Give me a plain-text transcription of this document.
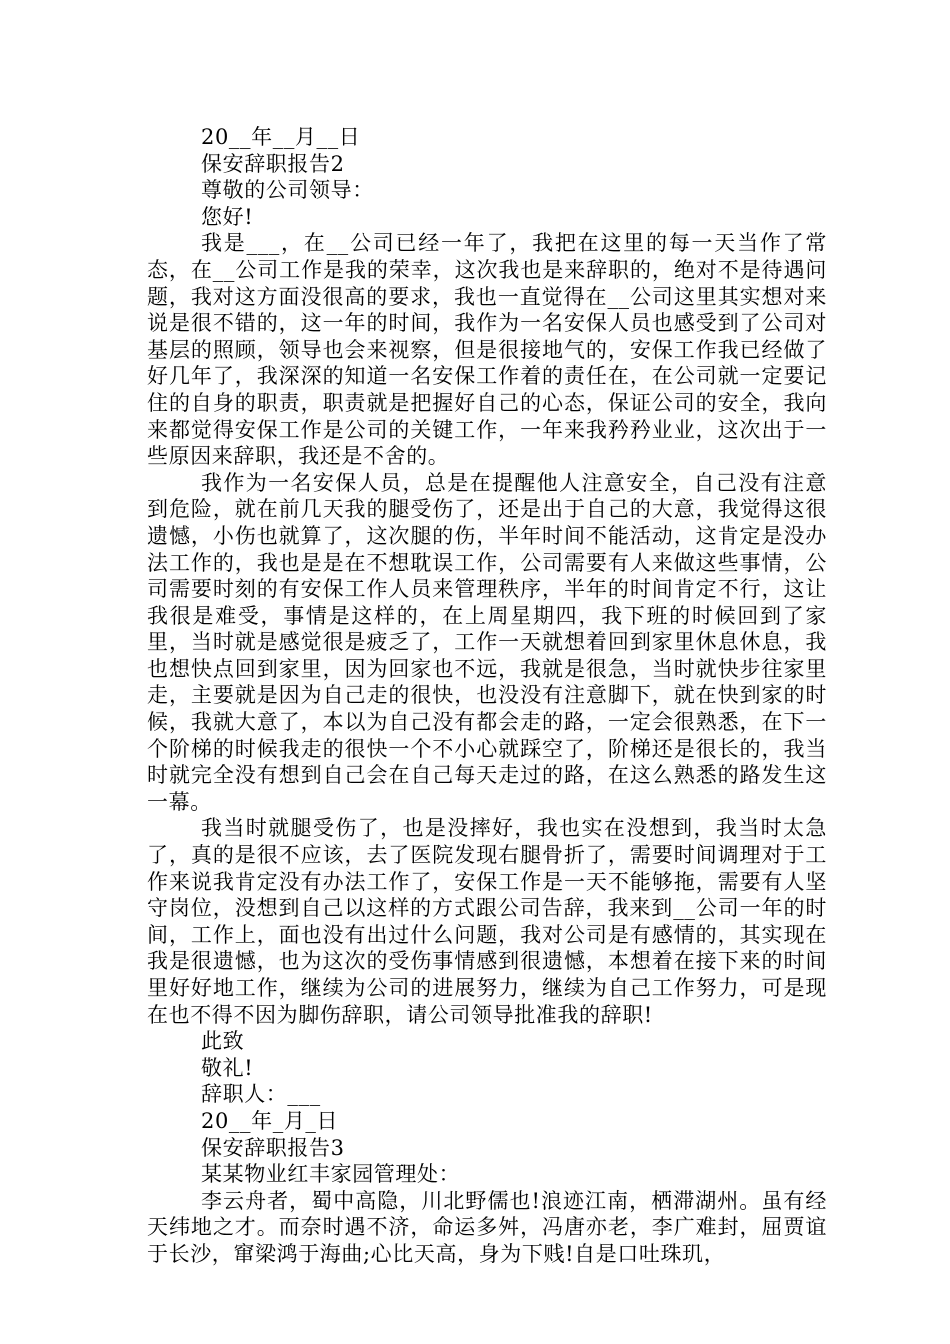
20__年__月__日
保安辞职报告2
尊敬的公司领导：
您好!

我是___，在__公司已经一年了，我把在这里的每一天当作了常态，在__公司工作是我的荣幸，这次我也是来辞职的，绝对不是待遇问题，我对这方面没很高的要求，我也一直觉得在__公司这里其实想对来说是很不错的，这一年的时间，我作为一名安保人员也感受到了公司对基层的照顾，领导也会来视察，但是很接地气的，安保工作我已经做了好几年了，我深深的知道一名安保工作着的责任在，在公司就一定要记住的自身的职责，职责就是把握好自己的心态，保证公司的安全，我向来都觉得安保工作是公司的关键工作，一年来我矜矜业业，这次出于一些原因来辞职，我还是不舍的。

我作为一名安保人员，总是在提醒他人注意安全，自己没有注意到危险，就在前几天我的腿受伤了，还是出于自己的大意，我觉得这很遗憾，小伤也就算了，这次腿的伤，半年时间不能活动，这肯定是没办法工作的，我也是是在不想耽误工作，公司需要有人来做这些事情，公司需要时刻的有安保工作人员来管理秩序，半年的时间肯定不行，这让我很是难受，事情是这样的，在上周星期四，我下班的时候回到了家里，当时就是感觉很是疲乏了，工作一天就想着回到家里休息休息，我也想快点回到家里，因为回家也不远，我就是很急，当时就快步往家里走，主要就是因为自己走的很快，也没没有注意脚下，就在快到家的时候，我就大意了，本以为自己没有都会走的路，一定会很熟悉，在下一个阶梯的时候我走的很快一个不小心就踩空了，阶梯还是很长的，我当时就完全没有想到自己会在自己每天走过的路，在这么熟悉的路发生这一幕。

我当时就腿受伤了，也是没摔好，我也实在没想到，我当时太急了，真的是很不应该，去了医院发现右腿骨折了，需要时间调理对于工作来说我肯定没有办法工作了，安保工作是一天不能够拖，需要有人坚守岗位，没想到自己以这样的方式跟公司告辞，我来到__公司一年的时间，工作上，面也没有出过什么问题，我对公司是有感情的，其实现在我是很遗憾，也为这次的受伤事情感到很遗憾，本想着在接下来的时间里好好地工作，继续为公司的进展努力，继续为自己工作努力，可是现在也不得不因为脚伤辞职，请公司领导批准我的辞职!

此致
敬礼!
辞职人：___
20__年_月_日
保安辞职报告3
某某物业红丰家园管理处：

李云舟者，蜀中高隐，川北野儒也!浪迹江南，栖滞湖州。虽有经天纬地之才。而奈时遇不济，命运多舛，冯唐亦老，李广难封，屈贾谊于长沙，窜梁鸿于海曲;心比天高，身为下贱!自是口吐珠玑，
